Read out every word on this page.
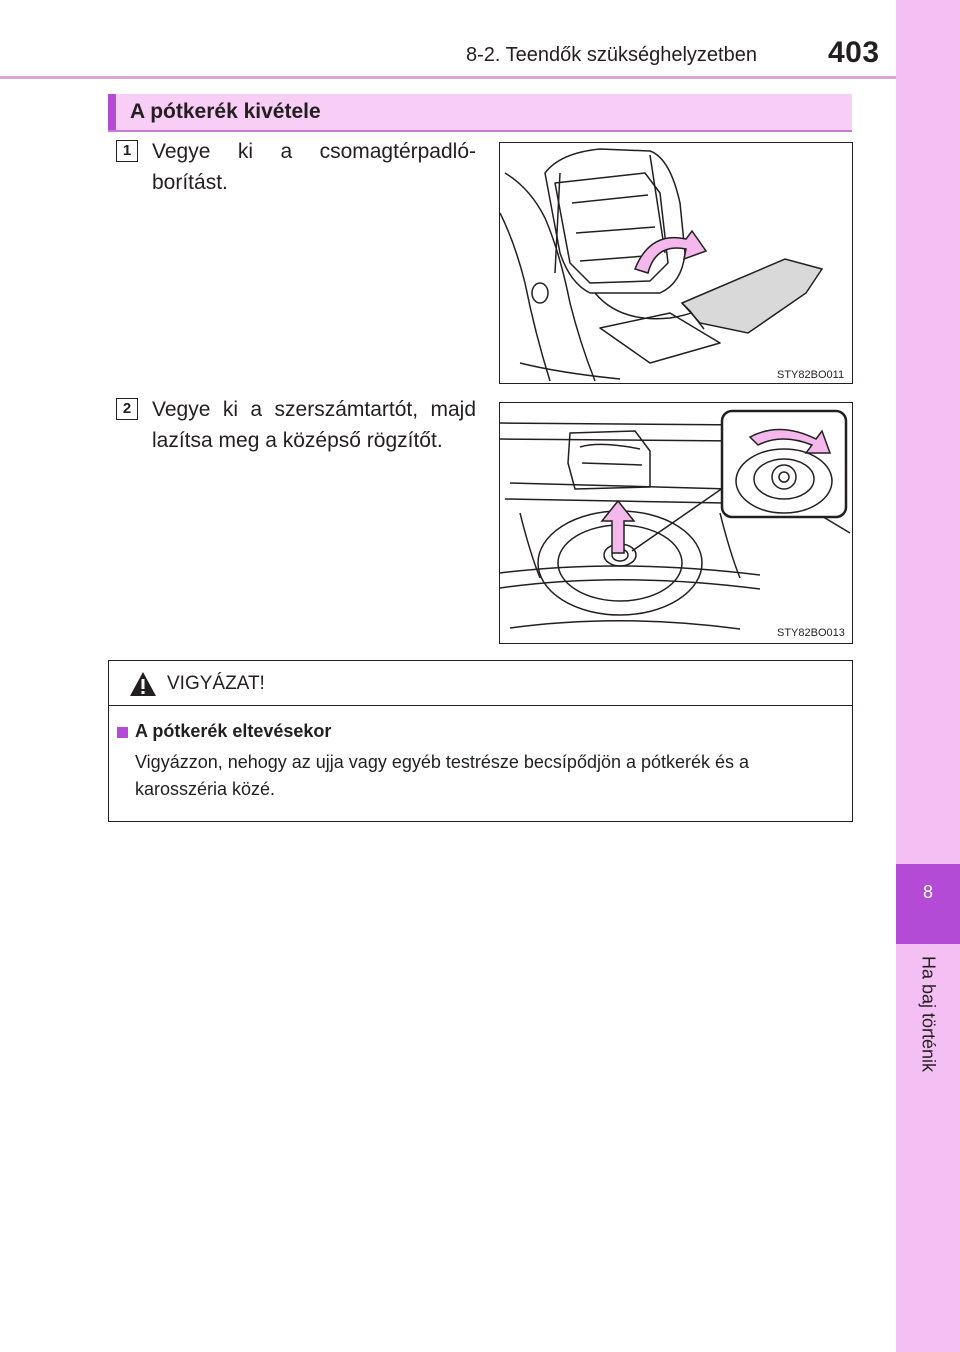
8-2. Teendők szükséghelyzetben 403
8
Ha baj történik
A pótkerék kivétele
1 Vegye ki a csomagtérpadló-borítást.
STY82BO011
2 Vegye ki a szerszámtartót, majd lazítsa meg a középső rögzítőt.
STY82BO013
VIGYÁZAT!
A pótkerék eltevésekor
Vigyázzon, nehogy az ujja vagy egyéb testrésze becsípődjön a pótkerék és a karosszéria közé.
